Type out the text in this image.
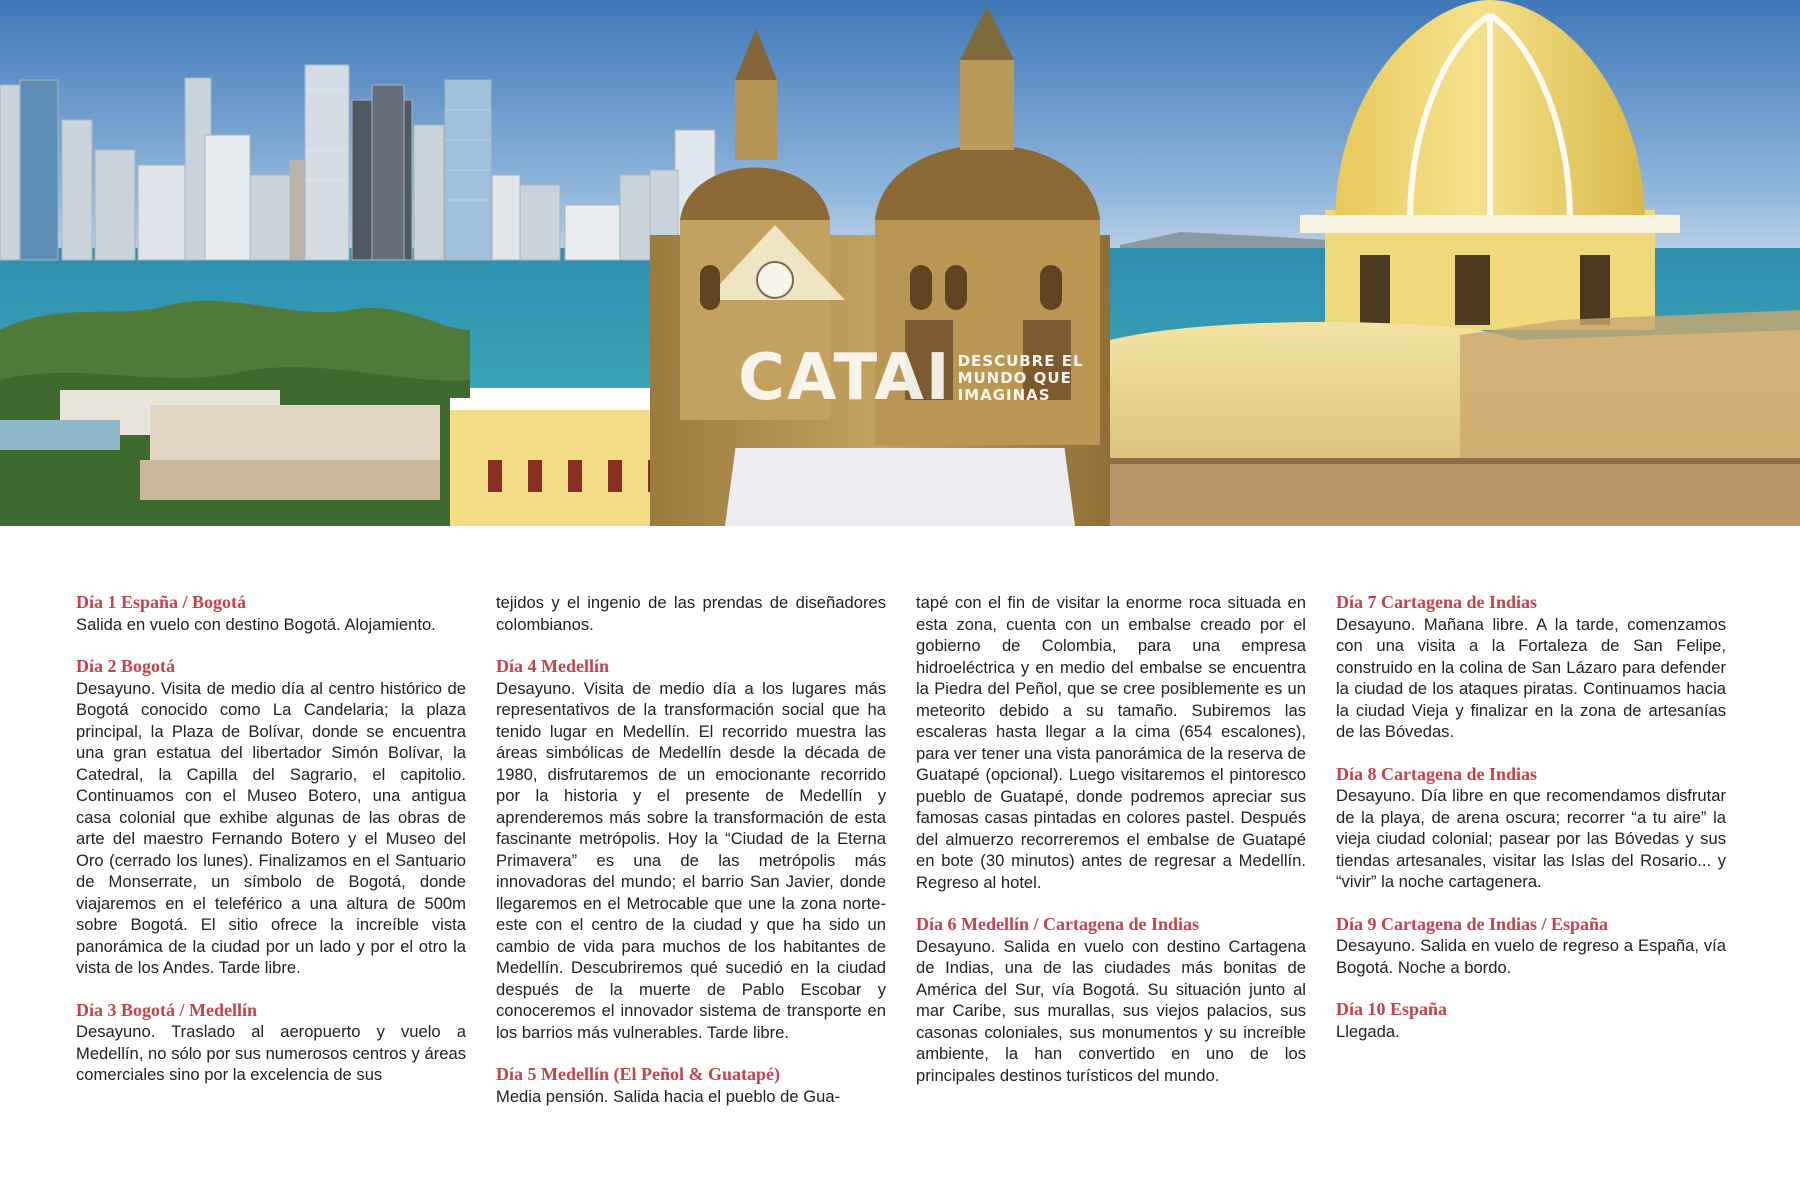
CATAI DESCUBRE EL
MUNDO QUE
IMAGINAS
Día 1 España / Bogotá

Salida en vuelo con destino Bogotá. Alojamiento.

Día 2 Bogotá

Desayuno. Visita de medio día al centro histórico de Bogotá conocido como La Candelaria; la plaza principal, la Plaza de Bolívar, donde se encuentra una gran estatua del libertador Simón Bolívar, la Catedral, la Capilla del Sagrario, el capitolio. Continuamos con el Museo Botero, una antigua casa colonial que exhibe algunas de las obras de arte del maestro Fernando Botero y el Museo del Oro (cerrado los lunes). Finalizamos en el Santuario de Monserrate, un símbolo de Bogotá, donde viajaremos en el teleférico a una altura de 500m sobre Bogotá. El sitio ofrece la increíble vista panorámica de la ciudad por un lado y por el otro la vista de los Andes. Tarde libre.

Día 3 Bogotá / Medellín

Desayuno. Traslado al aeropuerto y vuelo a Medellín, no sólo por sus numerosos centros y áreas comerciales sino por la excelencia de sus

tejidos y el ingenio de las prendas de diseñadores colombianos.

Día 4 Medellín

Desayuno. Visita de medio día a los lugares más representativos de la transformación social que ha tenido lugar en Medellín. El recorrido muestra las áreas simbólicas de Medellín desde la década de 1980, disfrutaremos de un emocionante recorrido por la historia y el presente de Medellín y aprenderemos más sobre la transformación de esta fascinante metrópolis. Hoy la “Ciudad de la Eterna Primavera” es una de las metrópolis más innovadoras del mundo; el barrio San Javier, donde llegaremos en el Metrocable que une la zona norte-este con el centro de la ciudad y que ha sido un cambio de vida para muchos de los habitantes de Medellín. Descubriremos qué sucedió en la ciudad después de la muerte de Pablo Escobar y conoceremos el innovador sistema de transporte en los barrios más vulnerables. Tarde libre.

Día 5 Medellín (El Peñol & Guatapé)

Media pensión. Salida hacia el pueblo de Gua-

tapé con el fin de visitar la enorme roca situada en esta zona, cuenta con un embalse creado por el gobierno de Colombia, para una empresa hidroeléctrica y en medio del embalse se encuentra la Piedra del Peñol, que se cree posiblemente es un meteorito debido a su tamaño. Subiremos las escaleras hasta llegar a la cima (654 escalones), para ver tener una vista panorámica de la reserva de Guatapé (opcional). Luego visitaremos el pintoresco pueblo de Guatapé, donde podremos apreciar sus famosas casas pintadas en colores pastel. Después del almuerzo recorreremos el embalse de Guatapé en bote (30 minutos) antes de regresar a Medellín. Regreso al hotel.

Día 6 Medellín / Cartagena de Indias

Desayuno. Salida en vuelo con destino Cartagena de Indias, una de las ciudades más bonitas de América del Sur, vía Bogotá. Su situación junto al mar Caribe, sus murallas, sus viejos palacios, sus casonas coloniales, sus monumentos y su increíble ambiente, la han convertido en uno de los principales destinos turísticos del mundo.

Día 7 Cartagena de Indias

Desayuno. Mañana libre. A la tarde, comenzamos con una visita a la Fortaleza de San Felipe, construido en la colina de San Lázaro para defender la ciudad de los ataques piratas. Continuamos hacia la ciudad Vieja y finalizar en la zona de artesanías de las Bóvedas.

Día 8 Cartagena de Indias

Desayuno. Día libre en que recomendamos disfrutar de la playa, de arena oscura; recorrer “a tu aire” la vieja ciudad colonial; pasear por las Bóvedas y sus tiendas artesanales, visitar las Islas del Rosario... y “vivir” la noche cartagenera.

Día 9 Cartagena de Indias / España

Desayuno. Salida en vuelo de regreso a España, vía Bogotá. Noche a bordo.

Día 10 España

Llegada.
